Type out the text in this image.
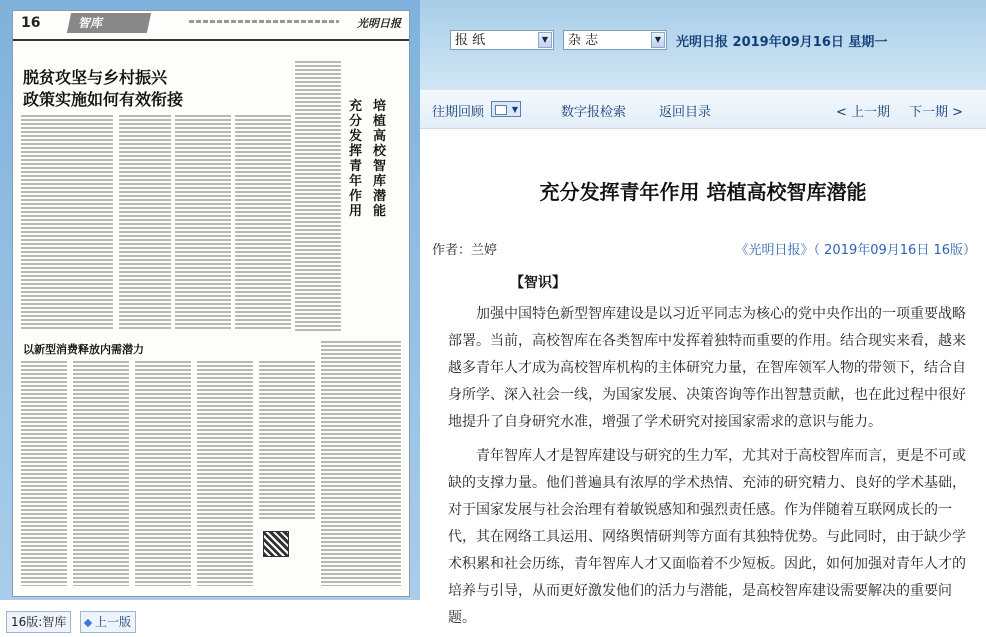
16	智库	光明日报
脱贫攻坚与乡村振兴
政策实施如何有效衔接	培植高校智库潜能
充分发挥青年作用
以新型消费释放内需潜力
16版:智库	上一版
报 纸	▼	杂 志	▼	光明日报 2019年09月16日 星期一
往期回顾	▼	数字报检索	返回目录	< 上一期 下一期 >
充分发挥青年作用 培植高校智库潜能
作者：兰婷	《光明日报》（ 2019年09月16日 16版）
【智识】

加强中国特色新型智库建设是以习近平同志为核心的党中央作出的一项重要战略部署。当前，高校智库在各类智库中发挥着独特而重要的作用。结合现实来看，越来越多青年人才成为高校智库机构的主体研究力量，在智库领军人物的带领下，结合自身所学、深入社会一线，为国家发展、决策咨询等作出智慧贡献，也在此过程中很好地提升了自身研究水准，增强了学术研究对接国家需求的意识与能力。

青年智库人才是智库建设与研究的生力军，尤其对于高校智库而言，更是不可或缺的支撑力量。他们普遍具有浓厚的学术热情、充沛的研究精力、良好的学术基础，对于国家发展与社会治理有着敏锐感知和强烈责任感。作为伴随着互联网成长的一代，其在网络工具运用、网络舆情研判等方面有其独特优势。与此同时，由于缺少学术积累和社会历练，青年智库人才又面临着不少短板。因此，如何加强对青年人才的培养与引导，从而更好激发他们的活力与潜能，是高校智库建设需要解决的重要问题。
